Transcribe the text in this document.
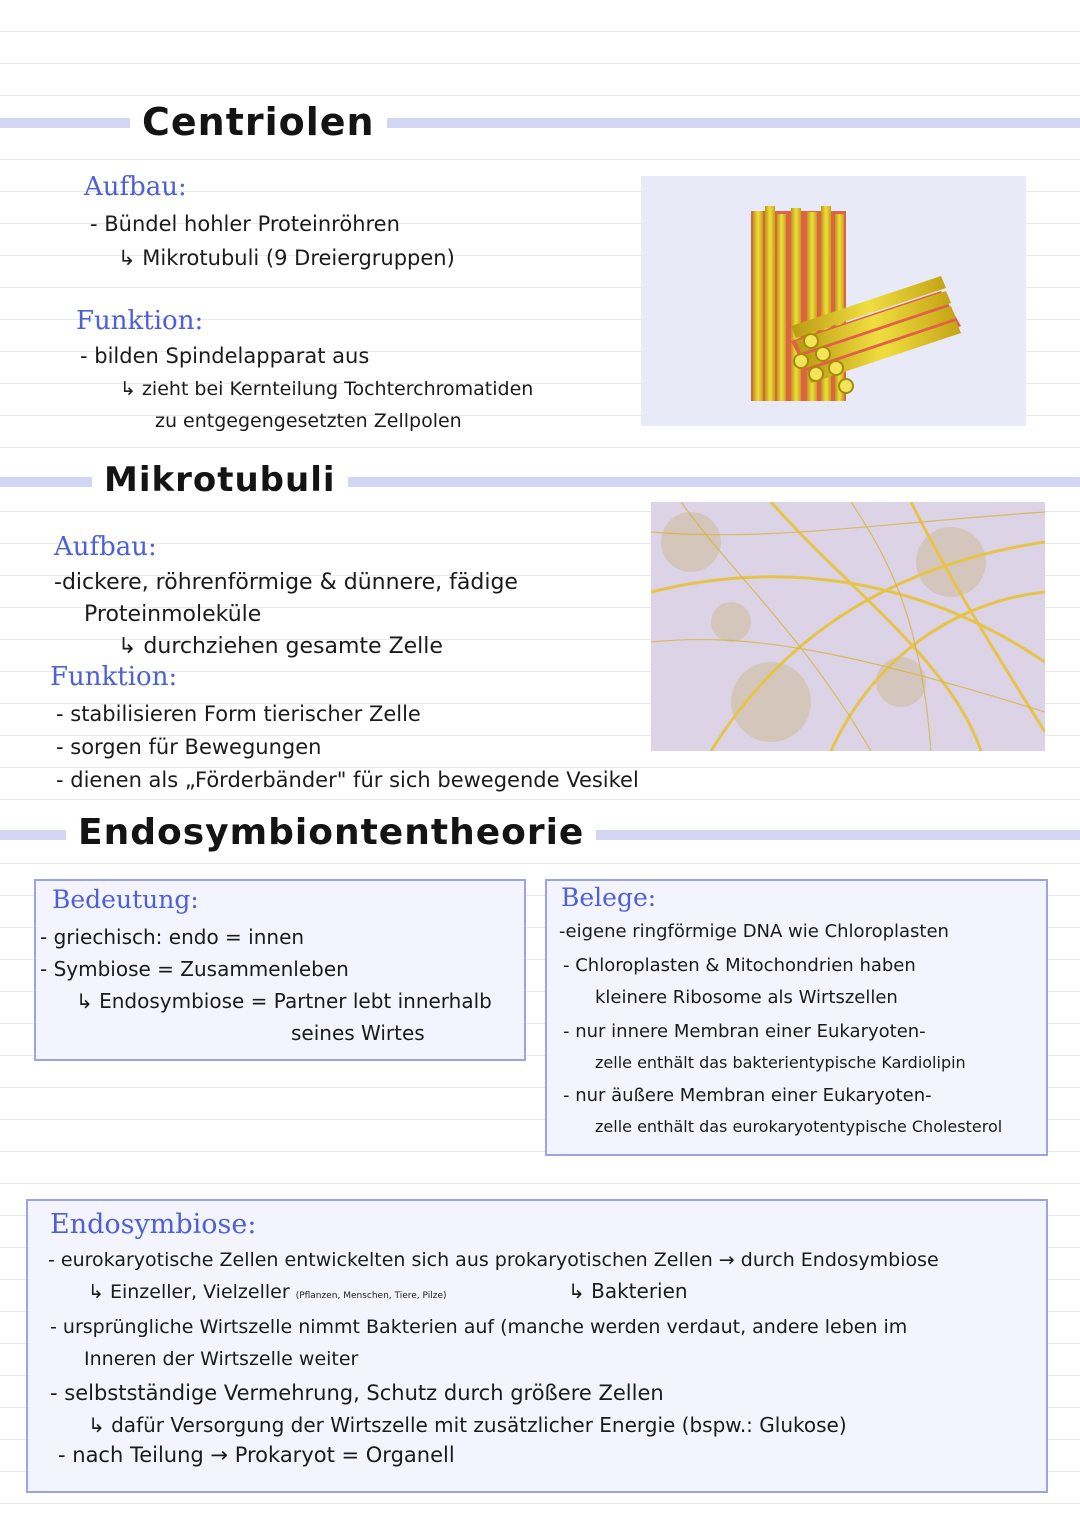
Centriolen
Aufbau:
- Bündel hohler Proteinröhren
↳ Mikrotubuli (9 Dreiergruppen)
Funktion:
- bilden Spindelapparat aus
↳ zieht bei Kernteilung Tochterchromatiden
zu entgegengesetzten Zellpolen
Mikrotubuli
Aufbau:
-dickere, röhrenförmige & dünnere, fädige
Proteinmoleküle
↳ durchziehen gesamte Zelle
Funktion:
- stabilisieren Form tierischer Zelle
- sorgen für Bewegungen
- dienen als „Förderbänder" für sich bewegende Vesikel
Endosymbiontentheorie
Bedeutung:
- griechisch: endo = innen
- Symbiose = Zusammenleben
↳ Endosymbiose = Partner lebt innerhalb
seines Wirtes
Belege:
-eigene ringförmige DNA wie Chloroplasten
- Chloroplasten & Mitochondrien haben
kleinere Ribosome als Wirtszellen
- nur innere Membran einer Eukaryoten-
zelle enthält das bakterientypische Kardiolipin
- nur äußere Membran einer Eukaryoten-
zelle enthält das eurokaryotentypische Cholesterol
Endosymbiose:
- eurokaryotische Zellen entwickelten sich aus prokaryotischen Zellen → durch Endosymbiose
↳ Einzeller, Vielzeller (Pflanzen, Menschen, Tiere, Pilze)	↳ Bakterien
- ursprüngliche Wirtszelle nimmt Bakterien auf (manche werden verdaut, andere leben im
Inneren der Wirtszelle weiter
- selbstständige Vermehrung, Schutz durch größere Zellen
↳ dafür Versorgung der Wirtszelle mit zusätzlicher Energie (bspw.: Glukose)
- nach Teilung → Prokaryot = Organell
